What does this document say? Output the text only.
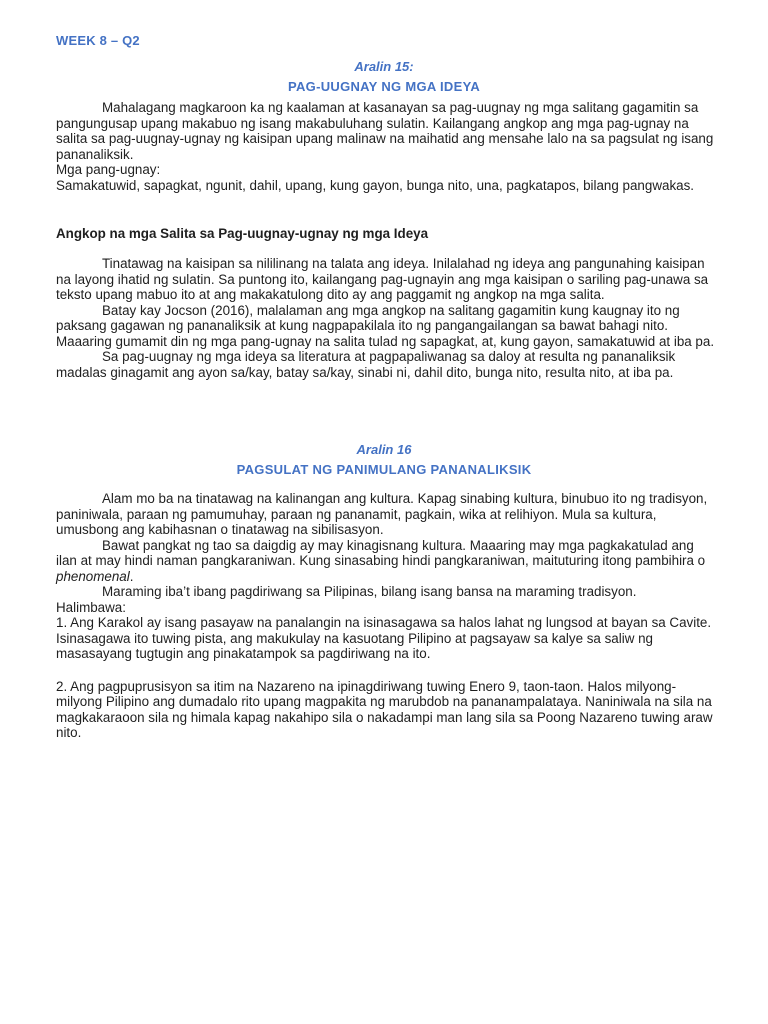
WEEK 8 – Q2
Aralin 15:
PAG-UUGNAY NG MGA IDEYA

Mahalagang magkaroon ka ng kaalaman at kasanayan sa pag-uugnay ng mga salitang gagamitin sa pangungusap upang makabuo ng isang makabuluhang sulatin. Kailangang angkop ang mga pag-ugnay na salita sa pag-uugnay-ugnay ng kaisipan upang malinaw na maihatid ang mensahe lalo na sa pagsulat ng isang pananaliksik.

Mga pang-ugnay:

Samakatuwid, sapagkat, ngunit, dahil, upang, kung gayon, bunga nito, una, pagkatapos, bilang pangwakas.

Angkop na mga Salita sa Pag-uugnay-ugnay ng mga Ideya

Tinatawag na kaisipan sa nililinang na talata ang ideya. Inilalahad ng ideya ang pangunahing kaisipan na layong ihatid ng sulatin. Sa puntong ito, kailangang pag-ugnayin ang mga kaisipan o sariling pag-unawa sa teksto upang mabuo ito at ang makakatulong dito ay ang paggamit ng angkop na mga salita.

Batay kay Jocson (2016), malalaman ang mga angkop na salitang gagamitin kung kaugnay ito ng paksang gagawan ng pananaliksik at kung nagpapakilala ito ng pangangailangan sa bawat bahagi nito. Maaaring gumamit din ng mga pang-ugnay na salita tulad ng sapagkat, at, kung gayon, samakatuwid at iba pa.

Sa pag-uugnay ng mga ideya sa literatura at pagpapaliwanag sa daloy at resulta ng pananaliksik madalas ginagamit ang ayon sa/kay, batay sa/kay, sinabi ni, dahil dito, bunga nito, resulta nito, at iba pa.

Aralin 16
PAGSULAT NG PANIMULANG PANANALIKSIK

Alam mo ba na tinatawag na kalinangan ang kultura. Kapag sinabing kultura, binubuo ito ng tradisyon, paniniwala, paraan ng pamumuhay, paraan ng pananamit, pagkain, wika at relihiyon. Mula sa kultura, umusbong ang kabihasnan o tinatawag na sibilisasyon.

Bawat pangkat ng tao sa daigdig ay may kinagisnang kultura. Maaaring may mga pagkakatulad ang ilan at may hindi naman pangkaraniwan. Kung sinasabing hindi pangkaraniwan, maituturing itong pambihira o phenomenal.

Maraming iba’t ibang pagdiriwang sa Pilipinas, bilang isang bansa na maraming tradisyon.

Halimbawa:

1. Ang Karakol ay isang pasayaw na panalangin na isinasagawa sa halos lahat ng lungsod at bayan sa Cavite. Isinasagawa ito tuwing pista, ang makukulay na kasuotang Pilipino at pagsayaw sa kalye sa saliw ng masasayang tugtugin ang pinakatampok sa pagdiriwang na ito.

2. Ang pagpuprusisyon sa itim na Nazareno na ipinagdiriwang tuwing Enero 9, taon-taon. Halos milyong-milyong Pilipino ang dumadalo rito upang magpakita ng marubdob na pananampalataya. Naniniwala na sila na magkakaraoon sila ng himala kapag nakahipo sila o nakadampi man lang sila sa Poong Nazareno tuwing araw nito.
